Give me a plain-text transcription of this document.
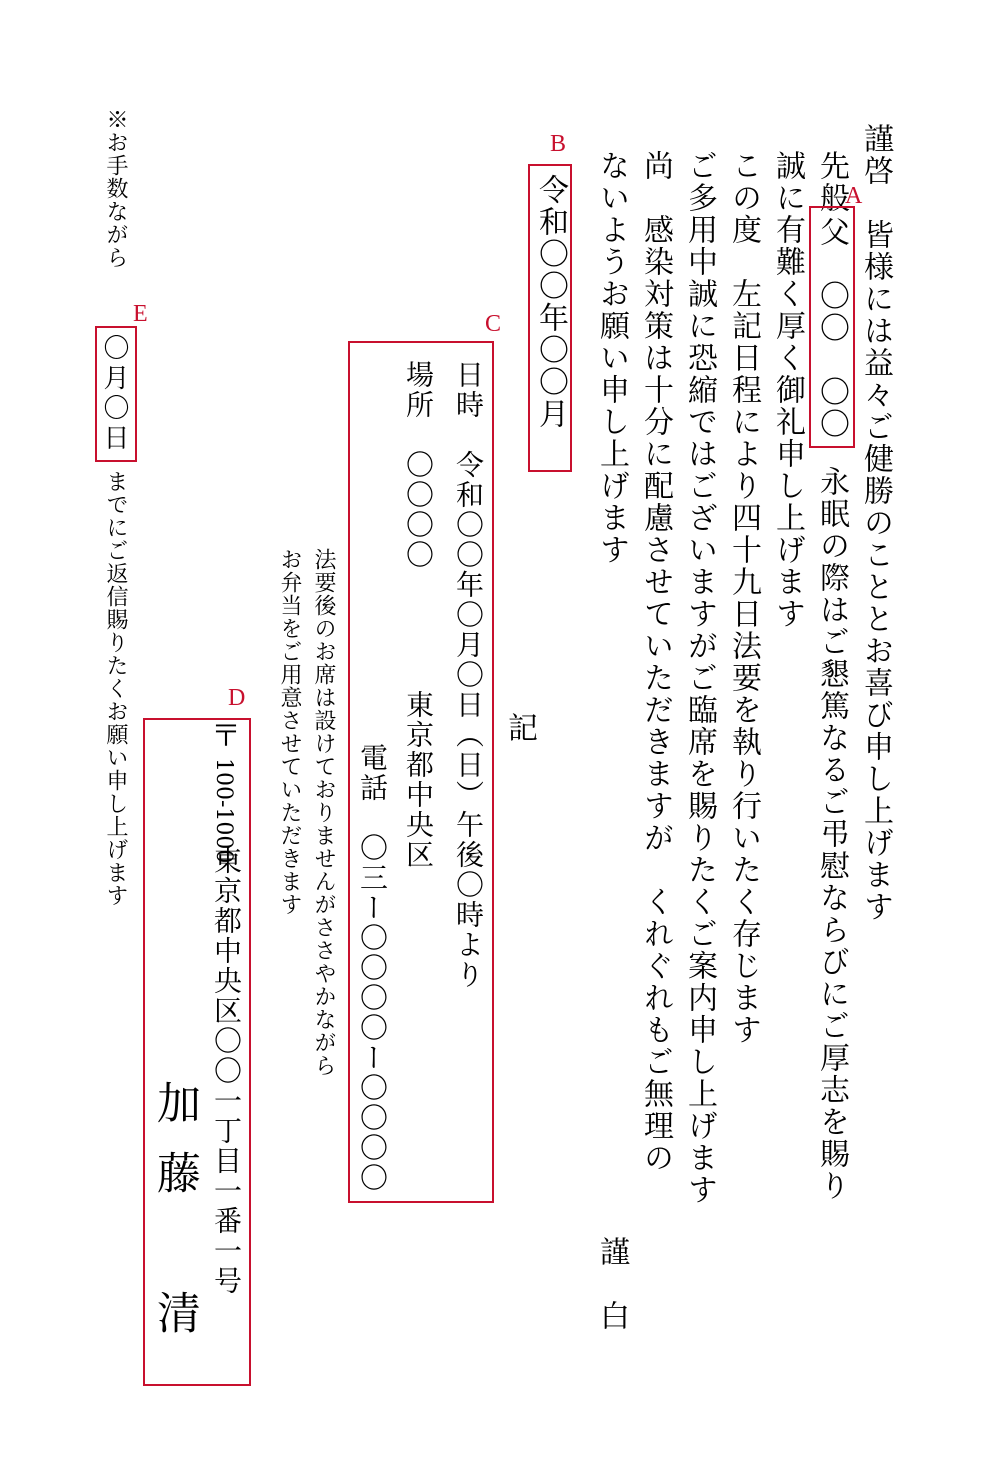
謹啓　皆様には益々ご健勝のこととお喜び申し上げます
先般
父　〇〇　〇〇
永眠の際はご懇篤なるご弔慰ならびにご厚志を賜り
誠に有難く厚く御礼申し上げます
この度　左記日程により四十九日法要を執り行いたく存じます
ご多用中誠に恐縮ではございますがご臨席を賜りたくご案内申し上げます
尚　感染対策は十分に配慮させていただきますが　くれぐれもご無理の
ないようお願い申し上げます
謹　白
令和〇〇年〇〇月	A
B
C
D
E
記
日時　令和〇〇年〇月〇日（日）午後〇時より
場所　〇〇〇〇
東京都中央区
電話　〇三ー〇〇〇〇ー〇〇〇〇
法要後のお席は設けておりませんがささやかながら
お弁当をご用意させていただきます
〒
100-1000
東京都中央区〇〇一丁目一番一号
加藤　清
※お手数ながら
〇月〇日
までにご返信賜りたくお願い申し上げます
